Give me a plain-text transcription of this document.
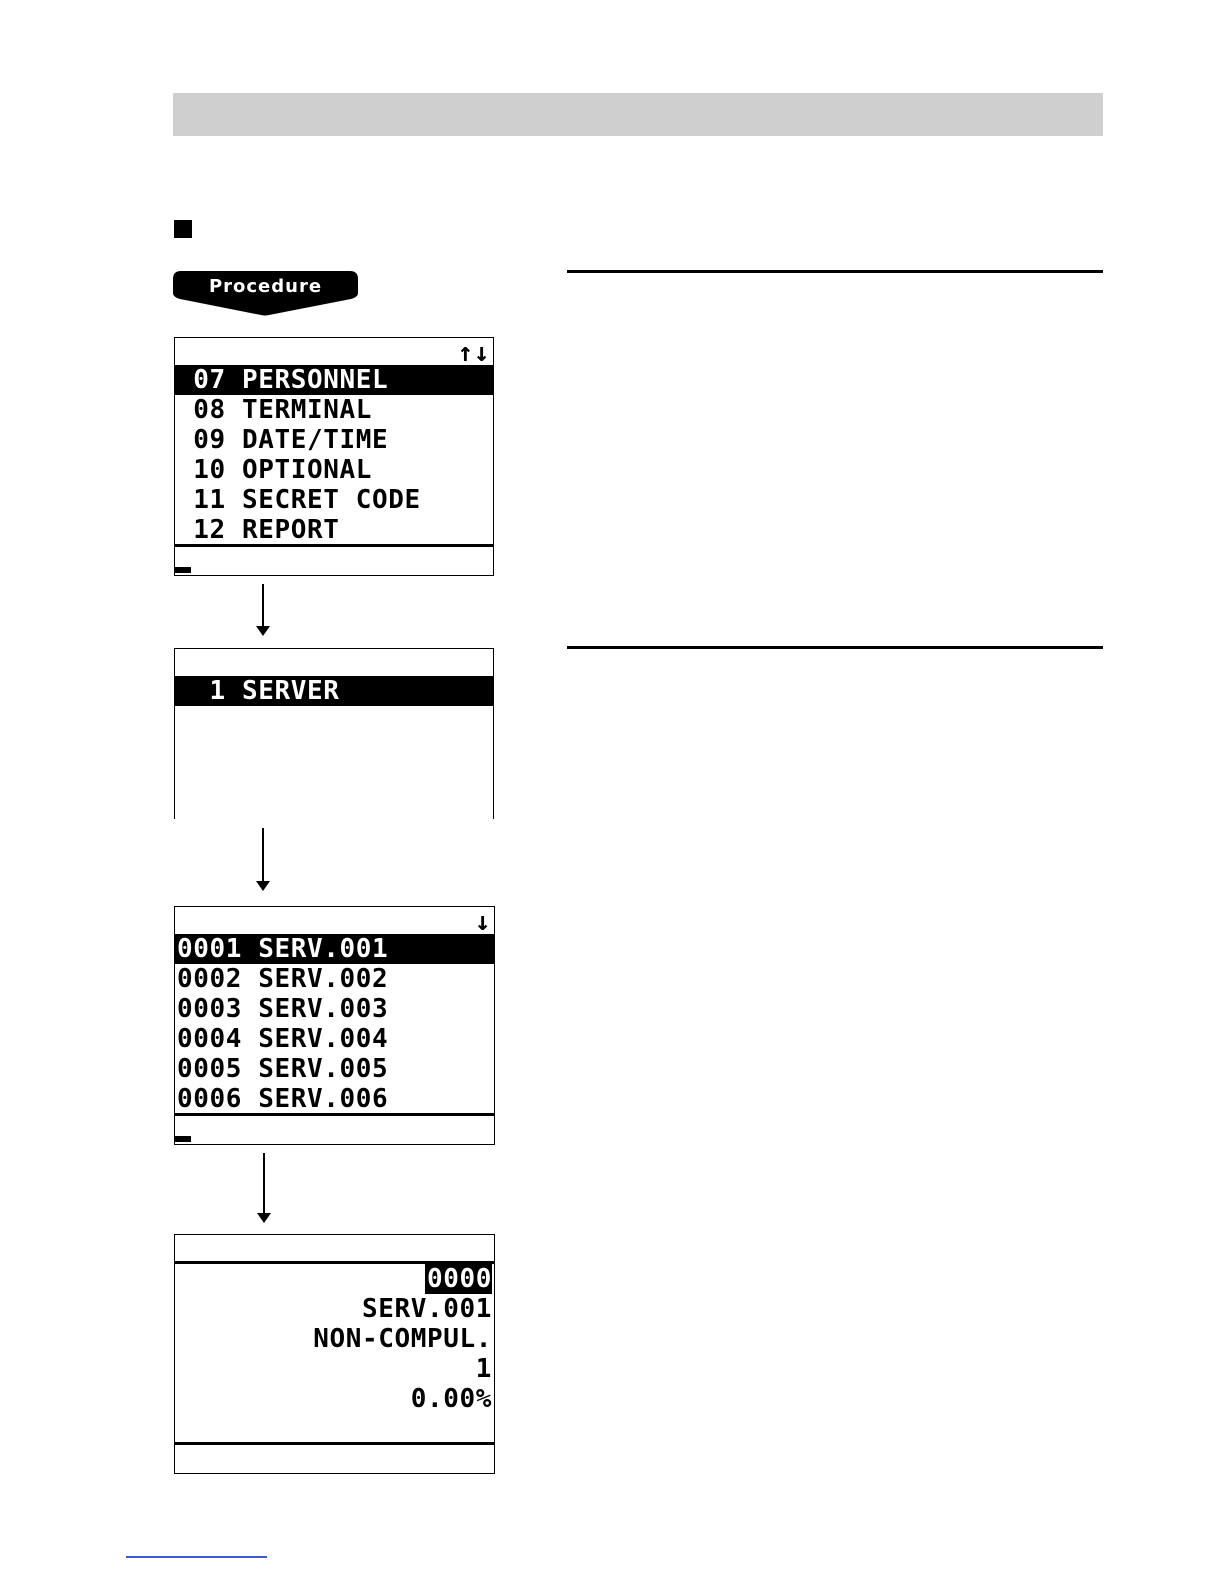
Procedure

↑↓

07 PERSONNEL
08 TERMINAL
09 DATE/TIME
10 OPTIONAL
11 SECRET CODE
12 REPORT

1 SERVER

↓

0001 SERV.001
0002 SERV.002
0003 SERV.003
0004 SERV.004
0005 SERV.005
0006 SERV.006

0000

SERV.001

NON-COMPUL.

1

0.00%
